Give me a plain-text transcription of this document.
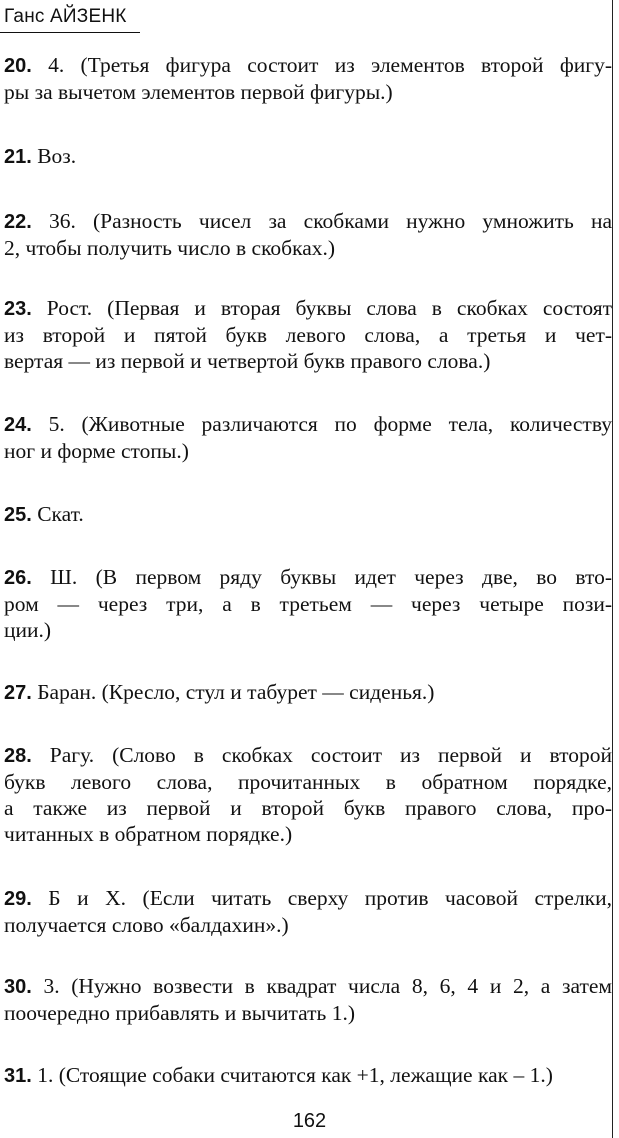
Ганс АЙЗЕНК
20. 4. (Третья фигура состоит из элементов второй фигу-
ры за вычетом элементов первой фигуры.)
21. Воз.
22. 36. (Разность чисел за скобками нужно умножить на
2, чтобы получить число в скобках.)
23. Рост. (Первая и вторая буквы слова в скобках состоят
из второй и пятой букв левого слова, а третья и чет-
вертая — из первой и четвертой букв правого слова.)
24. 5. (Животные различаются по форме тела, количеству
ног и форме стопы.)
25. Скат.
26. Ш. (В первом ряду буквы идет через две, во вто-
ром — через три, а в третьем — через четыре пози-
ции.)
27. Баран. (Кресло, стул и табурет — сиденья.)
28. Рагу. (Слово в скобках состоит из первой и второй
букв левого слова, прочитанных в обратном порядке,
а также из первой и второй букв правого слова, про-
читанных в обратном порядке.)
29. Б и Х. (Если читать сверху против часовой стрелки,
получается слово «балдахин».)
30. 3. (Нужно возвести в квадрат числа 8, 6, 4 и 2, а затем
поочередно прибавлять и вычитать 1.)
31. 1. (Стоящие собаки считаются как +1, лежащие как – 1.)
162
